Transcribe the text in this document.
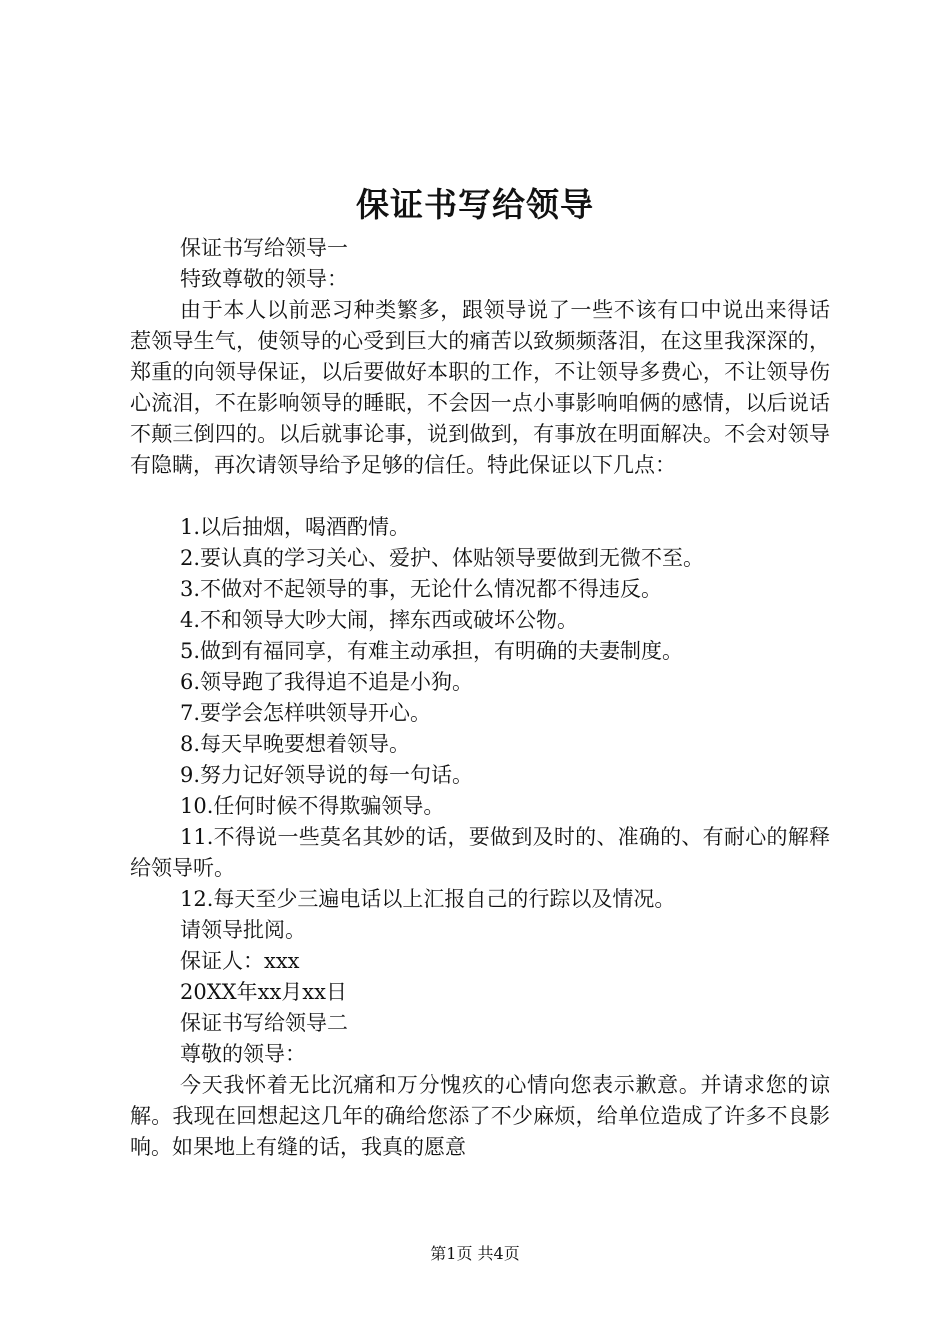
保证书写给领导

保证书写给领导一

特致尊敬的领导：

由于本人以前恶习种类繁多，跟领导说了一些不该有口中说出来得话惹领导生气，使领导的心受到巨大的痛苦以致频频落泪，在这里我深深的，郑重的向领导保证，以后要做好本职的工作，不让领导多费心，不让领导伤心流泪，不在影响领导的睡眠，不会因一点小事影响咱俩的感情，以后说话不颠三倒四的。以后就事论事，说到做到，有事放在明面解决。不会对领导有隐瞒，再次请领导给予足够的信任。特此保证以下几点：

1.以后抽烟，喝酒酌情。

2.要认真的学习关心、爱护、体贴领导要做到无微不至。

3.不做对不起领导的事，无论什么情况都不得违反。

4.不和领导大吵大闹，摔东西或破坏公物。

5.做到有福同享，有难主动承担，有明确的夫妻制度。

6.领导跑了我得追不追是小狗。

7.要学会怎样哄领导开心。

8.每天早晚要想着领导。

9.努力记好领导说的每一句话。

10.任何时候不得欺骗领导。

11.不得说一些莫名其妙的话，要做到及时的、准确的、有耐心的解释给领导听。

12.每天至少三遍电话以上汇报自己的行踪以及情况。

请领导批阅。

保证人：xxx

20XX年xx月xx日

保证书写给领导二

尊敬的领导：

今天我怀着无比沉痛和万分愧疚的心情向您表示歉意。并请求您的谅解。我现在回想起这几年的确给您添了不少麻烦，给单位造成了许多不良影响。如果地上有缝的话，我真的愿意

第1页 共4页
